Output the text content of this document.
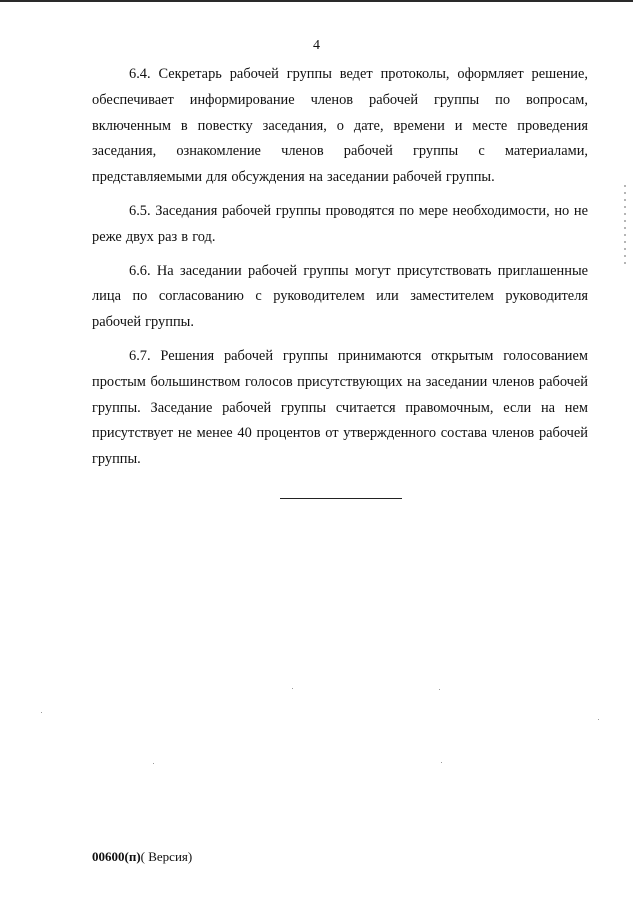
4

6.4. Секретарь рабочей группы ведет протоколы, оформляет решение, обеспечивает информирование членов рабочей группы по вопросам, включенным в повестку заседания, о дате, времени и месте проведения заседания, ознакомление членов рабочей группы с материалами, представляемыми для обсуждения на заседании рабочей группы.

6.5. Заседания рабочей группы проводятся по мере необходимости, но не реже двух раз в год.

6.6. На заседании рабочей группы могут присутствовать приглашенные лица по согласованию с руководителем или заместителем руководителя рабочей группы.

6.7. Решения рабочей группы принимаются открытым голосованием простым большинством голосов присутствующих на заседании членов рабочей группы. Заседание рабочей группы считается правомочным, если на нем присутствует не менее 40 процентов от утвержденного состава членов рабочей группы.

00600(п)( Версия)
